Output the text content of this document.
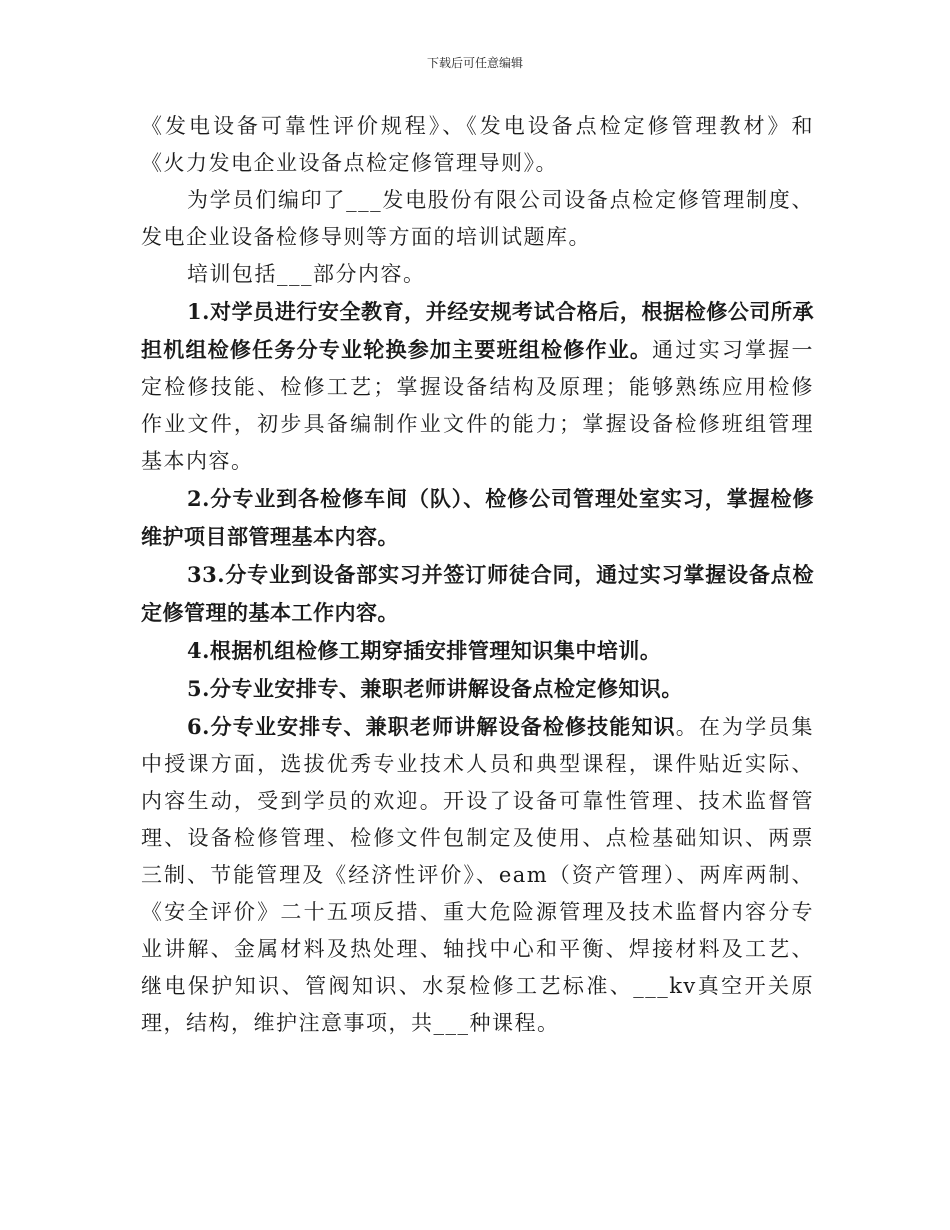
下载后可任意编辑

《发电设备可靠性评价规程》、《发电设备点检定修管理教材》和《火力发电企业设备点检定修管理导则》。

为学员们编印了___发电股份有限公司设备点检定修管理制度、发电企业设备检修导则等方面的培训试题库。

培训包括___部分内容。

1.对学员进行安全教育，并经安规考试合格后，根据检修公司所承担机组检修任务分专业轮换参加主要班组检修作业。通过实习掌握一定检修技能、检修工艺；掌握设备结构及原理；能够熟练应用检修作业文件，初步具备编制作业文件的能力；掌握设备检修班组管理基本内容。

2.分专业到各检修车间（队）、检修公司管理处室实习，掌握检修维护项目部管理基本内容。

33.分专业到设备部实习并签订师徒合同，通过实习掌握设备点检定修管理的基本工作内容。

4.根据机组检修工期穿插安排管理知识集中培训。

5.分专业安排专、兼职老师讲解设备点检定修知识。

6.分专业安排专、兼职老师讲解设备检修技能知识。在为学员集中授课方面，选拔优秀专业技术人员和典型课程，课件贴近实际、内容生动，受到学员的欢迎。开设了设备可靠性管理、技术监督管理、设备检修管理、检修文件包制定及使用、点检基础知识、两票三制、节能管理及《经济性评价》、eam（资产管理）、两库两制、《安全评价》二十五项反措、重大危险源管理及技术监督内容分专业讲解、金属材料及热处理、轴找中心和平衡、焊接材料及工艺、继电保护知识、管阀知识、水泵检修工艺标准、___kv真空开关原理，结构，维护注意事项，共___种课程。
